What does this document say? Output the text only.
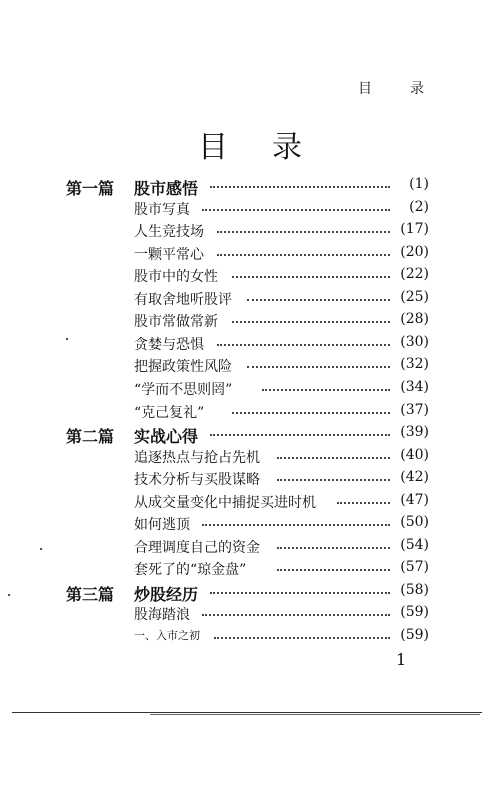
目	录
目 录
第一篇 股市感悟	(1)
股市写真	(2)
人生竞技场	(17)
一颗平常心	(20)
股市中的女性	(22)
有取舍地听股评	(25)
股市常做常新	(28)
贪婪与恐惧	(30)
把握政策性风险	(32)
“学而不思则罔”	(34)
“克己复礼”	(37)
第二篇 实战心得	(39)
追逐热点与抢占先机	(40)
技术分析与买股谋略	(42)
从成交量变化中捕捉买进时机	(47)
如何逃顶	(50)
合理调度自己的资金	(54)
套死了的“琼金盘”	(57)
第三篇 炒股经历	(58)
股海踏浪	(59)
一、入市之初	(59)
1
